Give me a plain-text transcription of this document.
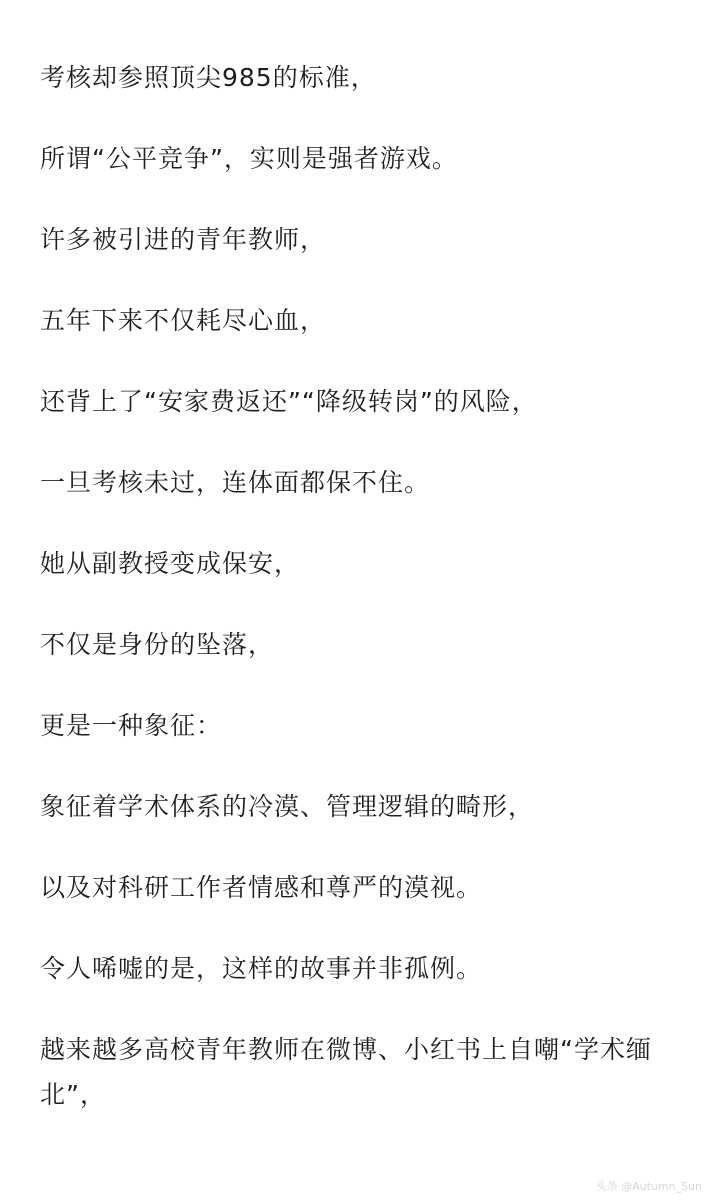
考核却参照顶尖985的标准，

所谓“公平竞争”，实则是强者游戏。

许多被引进的青年教师，

五年下来不仅耗尽心血，

还背上了“安家费返还”“降级转岗”的风险，

一旦考核未过，连体面都保不住。

她从副教授变成保安，

不仅是身份的坠落，

更是一种象征：

象征着学术体系的冷漠、管理逻辑的畸形，

以及对科研工作者情感和尊严的漠视。

令人唏嘘的是，这样的故事并非孤例。

越来越多高校青年教师在微博、小红书上自嘲“学术缅北”，

头条 @Autumn_Sun
